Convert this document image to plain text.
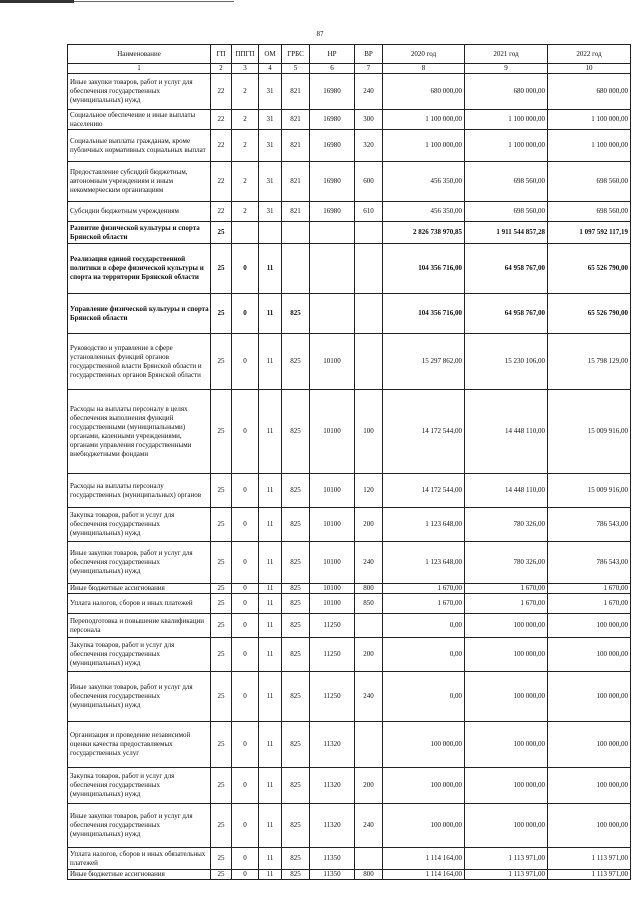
87
Наименование	ГП	ППГП	ОМ	ГРБС	НР	ВР	2020 год	2021 год	2022 год
1	2	3	4	5	6	7	8	9	10
Иные закупки товаров, работ и услуг для обеспечения государственных (муниципальных) нужд	22	2	31	821	16980	240	680 000,00	680 000,00	680 000,00
Социальное обеспечение и иные выплаты населению	22	2	31	821	16980	300	1 100 000,00	1 100 000,00	1 100 000,00
Социальные выплаты гражданам, кроме публичных нормативных социальных выплат	22	2	31	821	16980	320	1 100 000,00	1 100 000,00	1 100 000,00
Предоставление субсидий бюджетным, автономным учреждениям и иным некоммерческим организациям	22	2	31	821	16980	600	456 350,00	698 560,00	698 560,00
Субсидии бюджетным учреждениям	22	2	31	821	16980	610	456 350,00	698 560,00	698 560,00
Развитие физической культуры и спорта Брянской области	25						2 826 738 970,85	1 911 544 857,28	1 097 592 117,19
Реализация единой государственной политики в сфере физической культуры и спорта на территории Брянской области	25	0	11				104 356 716,00	64 958 767,00	65 526 790,00
Управление физической культуры и спорта Брянской области	25	0	11	825			104 356 716,00	64 958 767,00	65 526 790,00
Руководство и управление в сфере установленных функций органов государственной власти Брянской области и государственных органов Брянской области	25	0	11	825	10100		15 297 862,00	15 230 106,00	15 798 129,00
Расходы на выплаты персоналу в целях обеспечения выполнения функций государственными (муниципальными) органами, казенными учреждениями, органами управления государственными внебюджетными фондами	25	0	11	825	10100	100	14 172 544,00	14 448 110,00	15 009 916,00
Расходы на выплаты персоналу государственных (муниципальных) органов	25	0	11	825	10100	120	14 172 544,00	14 448 110,00	15 009 916,00
Закупка товаров, работ и услуг для обеспечения государственных (муниципальных) нужд	25	0	11	825	10100	200	1 123 648,00	780 326,00	786 543,00
Иные закупки товаров, работ и услуг для обеспечения государственных (муниципальных) нужд	25	0	11	825	10100	240	1 123 648,00	780 326,00	786 543,00
Иные бюджетные ассигнования	25	0	11	825	10100	800	1 670,00	1 670,00	1 670,00
Уплата налогов, сборов и иных платежей	25	0	11	825	10100	850	1 670,00	1 670,00	1 670,00
Переподготовка и повышение квалификации персонала	25	0	11	825	11250		0,00	100 000,00	100 000,00
Закупка товаров, работ и услуг для обеспечения государственных (муниципальных) нужд	25	0	11	825	11250	200	0,00	100 000,00	100 000,00
Иные закупки товаров, работ и услуг для обеспечения государственных (муниципальных) нужд	25	0	11	825	11250	240	0,00	100 000,00	100 000,00
Организация и проведение независимой оценки качества предоставляемых государственных услуг	25	0	11	825	11320		100 000,00	100 000,00	100 000,00
Закупка товаров, работ и услуг для обеспечения государственных (муниципальных) нужд	25	0	11	825	11320	200	100 000,00	100 000,00	100 000,00
Иные закупки товаров, работ и услуг для обеспечения государственных (муниципальных) нужд	25	0	11	825	11320	240	100 000,00	100 000,00	100 000,00
Уплата налогов, сборов и иных обязательных платежей	25	0	11	825	11350		1 114 164,00	1 113 971,00	1 113 971,00
Иные бюджетные ассигнования	25	0	11	825	11350	800	1 114 164,00	1 113 971,00	1 113 971,00
